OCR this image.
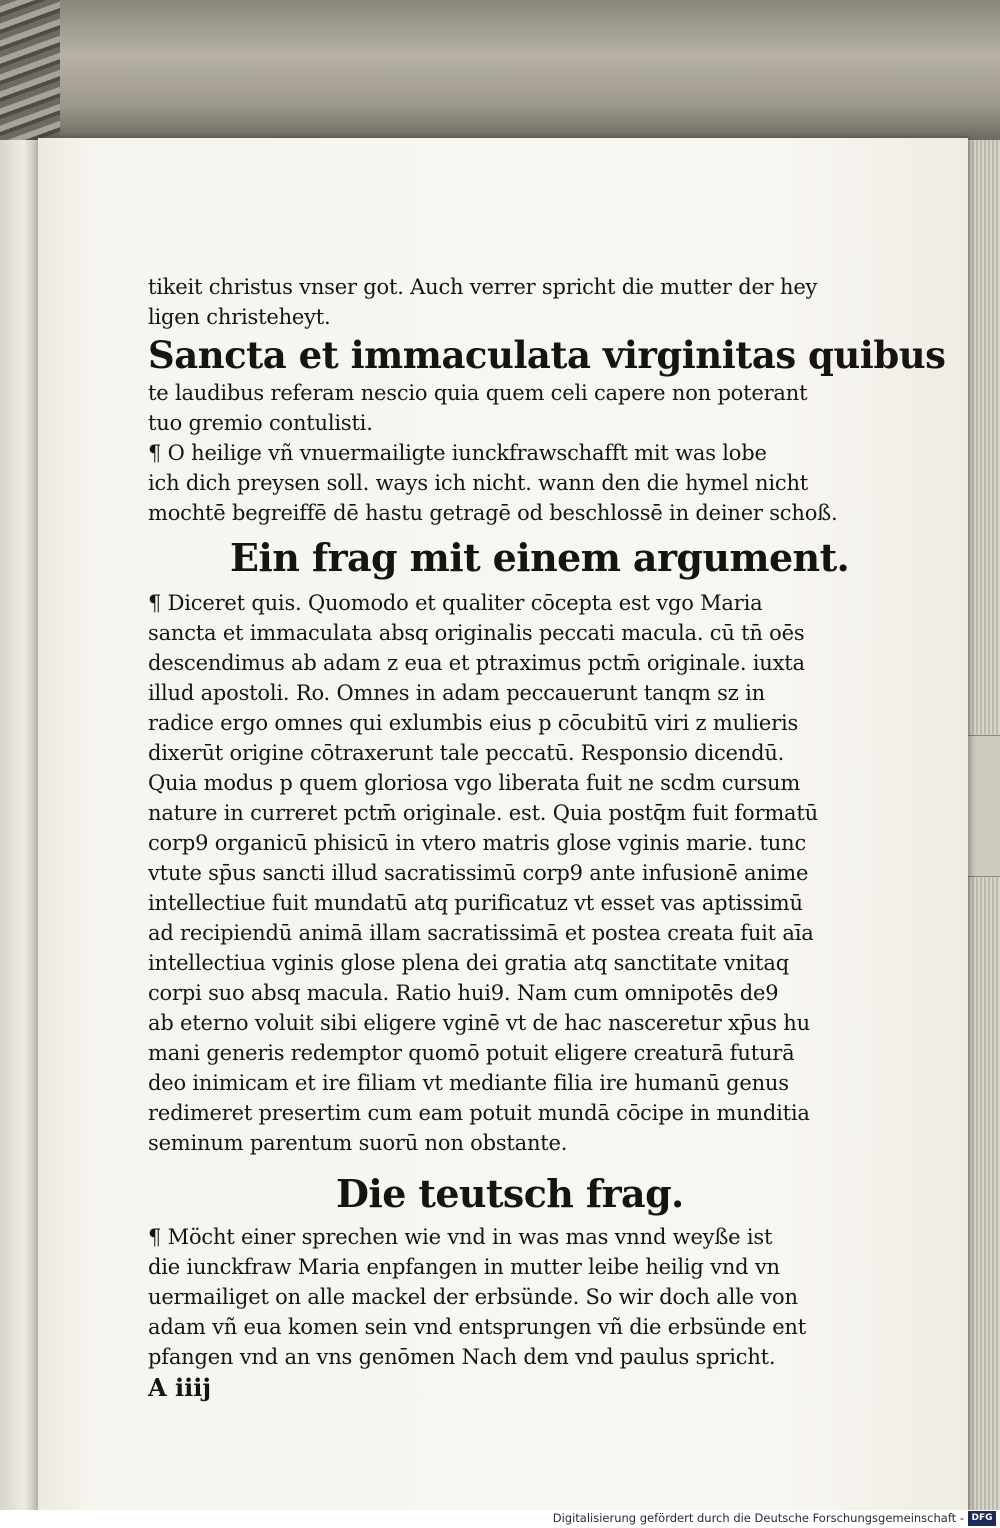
tikeit christus vnser got. Auch verrer spricht die mutter der hey

ligen christeheyt.

Sancta et immaculata virginitas quibus

te laudibus referam nescio quia quem celi capere non poterant

tuo gremio contulisti.

¶ O heilige vñ vnuermailigte iunckfrawschafft mit was lobe

ich dich preysen soll. ways ich nicht. wann den die hymel nicht

mochtē begreiffē dē hastu getragē od beschlossē in deiner schoß.

Ein frag mit einem argument.

¶ Diceret quis. Quomodo et qualiter cōcepta est vgo Maria

sancta et immaculata absq originalis peccati macula. cū tn̄ oēs

descendimus ab adam z eua et ptraximus pctm̄ originale. iuxta

illud apostoli. Ro. Omnes in adam peccauerunt tanqm sz in

radice ergo omnes qui exlumbis eius p cōcubitū viri z mulieris

dixerūt origine cōtraxerunt tale peccatū. Responsio dicendū.

Quia modus p quem gloriosa vgo liberata fuit ne scdm cursum

nature in curreret pctm̄ originale. est. Quia postq̄m fuit formatū

corp9 organicū phisicū in vtero matris glose vginis marie. tunc

vtute sp̄us sancti illud sacratissimū corp9 ante infusionē anime

intellectiue fuit mundatū atq purificatuz vt esset vas aptissimū

ad recipiendū animā illam sacratissimā et postea creata fuit aīa

intellectiua vginis glose plena dei gratia atq sanctitate vnitaq

corpi suo absq macula. Ratio hui9. Nam cum omnipotēs de9

ab eterno voluit sibi eligere vginē vt de hac nasceretur xp̄us hu

mani generis redemptor quomō potuit eligere creaturā futurā

deo inimicam et ire filiam vt mediante filia ire humanū genus

redimeret presertim cum eam potuit mundā cōcipe in munditia

seminum parentum suorū non obstante.

Die teutsch frag.

¶ Möcht einer sprechen wie vnd in was mas vnnd weyße ist

die iunckfraw Maria enpfangen in mutter leibe heilig vnd vn

uermailiget on alle mackel der erbsünde. So wir doch alle von

adam vñ eua komen sein vnd entsprungen vñ die erbsünde ent

pfangen vnd an vns genōmen Nach dem vnd paulus spricht.

A iiij

Digitalisierung gefördert durch die Deutsche Forschungsgemeinschaft - DFG
